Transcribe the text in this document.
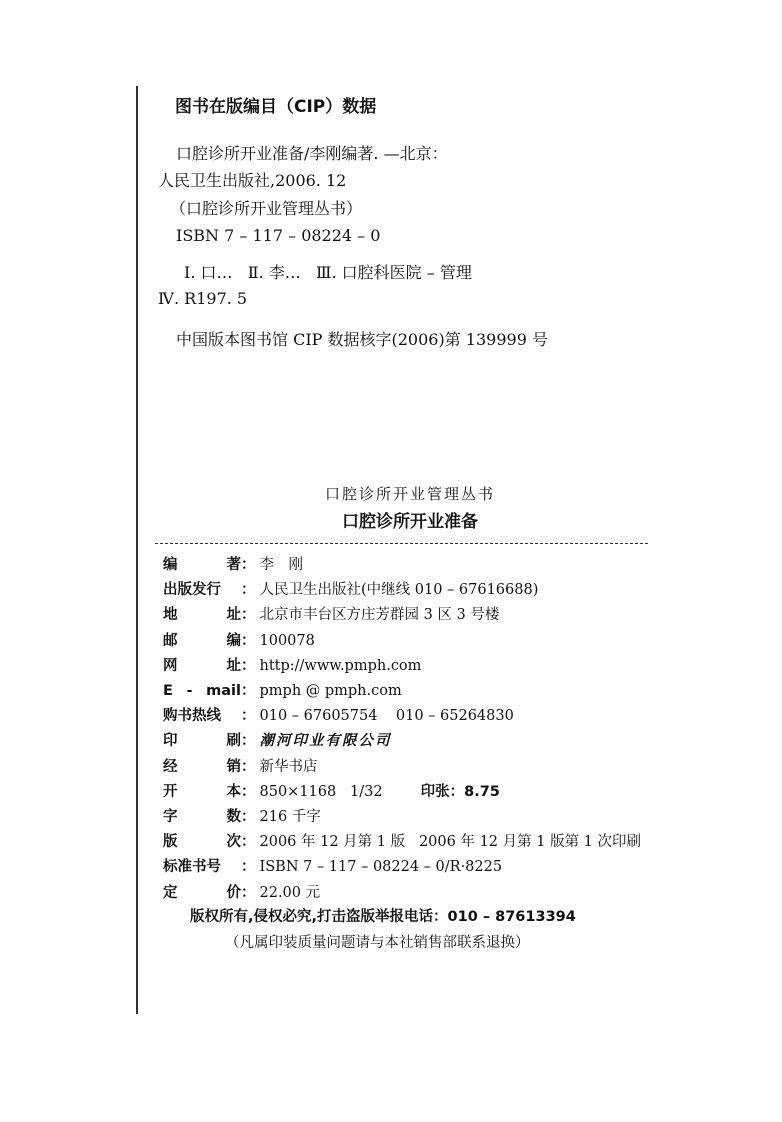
图书在版编目（CIP）数据
口腔诊所开业准备/李刚编著. —北京：
人民卫生出版社,2006. 12
（口腔诊所开业管理丛书）
ISBN 7 – 117 – 08224 – 0
Ⅰ. 口…   Ⅱ. 李…   Ⅲ. 口腔科医院 – 管理
Ⅳ. R197. 5
中国版本图书馆 CIP 数据核字(2006)第 139999 号
口腔诊所开业管理丛书
口腔诊所开业准备
编	著 ： 李　刚
出版发行 ： 人民卫生出版社(中继线 010 – 67616688)
地	址 ： 北京市丰台区方庄芳群园 3 区 3 号楼
邮	编 ： 100078
网	址 ： http://www.pmph.com
E - mail ： pmph @ pmph.com
购书热线 ： 010 – 67605754    010 – 65264830
印	刷 ： 潮河印业有限公司
经	销 ： 新华书店
开	本 ： 850×1168   1/32	印张：8.75
字	数 ： 216 千字
版	次 ： 2006 年 12 月第 1 版   2006 年 12 月第 1 版第 1 次印刷
标准书号 ： ISBN 7 – 117 – 08224 – 0/R·8225
定	价 ： 22.00 元
版权所有,侵权必究,打击盗版举报电话：010 – 87613394
（凡属印装质量问题请与本社销售部联系退换）
